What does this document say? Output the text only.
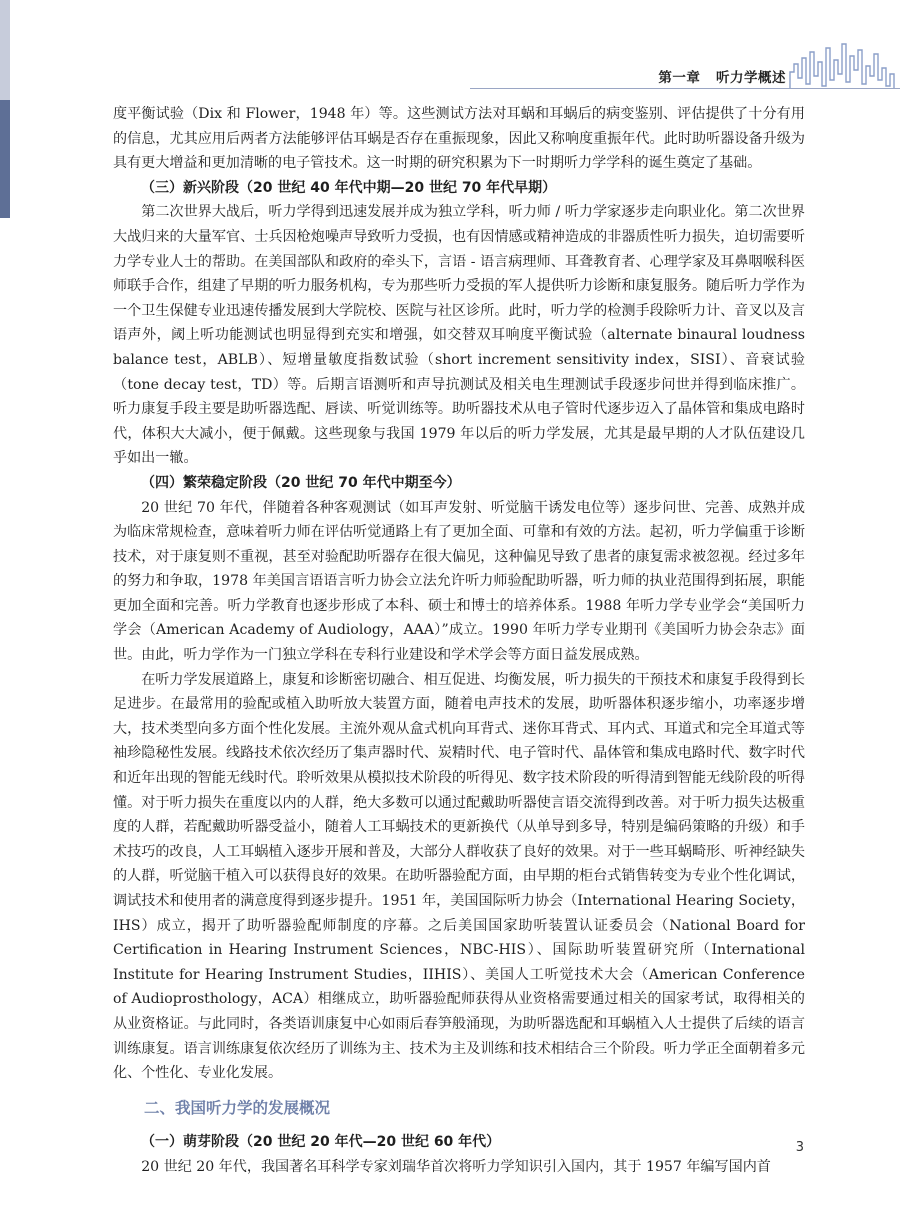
第一章 听力学概述

度平衡试验（Dix 和 Flower，1948 年）等。这些测试方法对耳蜗和耳蜗后的病变鉴别、评估提供了十分有用的信息，尤其应用后两者方法能够评估耳蜗是否存在重振现象，因此又称响度重振年代。此时助听器设备升级为具有更大增益和更加清晰的电子管技术。这一时期的研究积累为下一时期听力学学科的诞生奠定了基础。

（三）新兴阶段（20 世纪 40 年代中期—20 世纪 70 年代早期）

第二次世界大战后，听力学得到迅速发展并成为独立学科，听力师 / 听力学家逐步走向职业化。第二次世界大战归来的大量军官、士兵因枪炮噪声导致听力受损，也有因情感或精神造成的非器质性听力损失，迫切需要听力学专业人士的帮助。在美国部队和政府的牵头下，言语 - 语言病理师、耳聋教育者、心理学家及耳鼻咽喉科医师联手合作，组建了早期的听力服务机构，专为那些听力受损的军人提供听力诊断和康复服务。随后听力学作为一个卫生保健专业迅速传播发展到大学院校、医院与社区诊所。此时，听力学的检测手段除听力计、音叉以及言语声外，阈上听功能测试也明显得到充实和增强，如交替双耳响度平衡试验（alternate binaural loudness balance test，ABLB）、短增量敏度指数试验（short increment sensitivity index，SISI）、音衰试验（tone decay test，TD）等。后期言语测听和声导抗测试及相关电生理测试手段逐步问世并得到临床推广。听力康复手段主要是助听器选配、唇读、听觉训练等。助听器技术从电子管时代逐步迈入了晶体管和集成电路时代，体积大大减小，便于佩戴。这些现象与我国 1979 年以后的听力学发展，尤其是最早期的人才队伍建设几乎如出一辙。

（四）繁荣稳定阶段（20 世纪 70 年代中期至今）

20 世纪 70 年代，伴随着各种客观测试（如耳声发射、听觉脑干诱发电位等）逐步问世、完善、成熟并成为临床常规检查，意味着听力师在评估听觉通路上有了更加全面、可靠和有效的方法。起初，听力学偏重于诊断技术，对于康复则不重视，甚至对验配助听器存在很大偏见，这种偏见导致了患者的康复需求被忽视。经过多年的努力和争取，1978 年美国言语语言听力协会立法允许听力师验配助听器，听力师的执业范围得到拓展，职能更加全面和完善。听力学教育也逐步形成了本科、硕士和博士的培养体系。1988 年听力学专业学会“美国听力学会（American Academy of Audiology，AAA）”成立。1990 年听力学专业期刊《美国听力协会杂志》面世。由此，听力学作为一门独立学科在专科行业建设和学术学会等方面日益发展成熟。

在听力学发展道路上，康复和诊断密切融合、相互促进、均衡发展，听力损失的干预技术和康复手段得到长足进步。在最常用的验配或植入助听放大装置方面，随着电声技术的发展，助听器体积逐步缩小，功率逐步增大，技术类型向多方面个性化发展。主流外观从盒式机向耳背式、迷你耳背式、耳内式、耳道式和完全耳道式等袖珍隐秘性发展。线路技术依次经历了集声器时代、炭精时代、电子管时代、晶体管和集成电路时代、数字时代和近年出现的智能无线时代。聆听效果从模拟技术阶段的听得见、数字技术阶段的听得清到智能无线阶段的听得懂。对于听力损失在重度以内的人群，绝大多数可以通过配戴助听器使言语交流得到改善。对于听力损失达极重度的人群，若配戴助听器受益小，随着人工耳蜗技术的更新换代（从单导到多导，特别是编码策略的升级）和手术技巧的改良，人工耳蜗植入逐步开展和普及，大部分人群收获了良好的效果。对于一些耳蜗畸形、听神经缺失的人群，听觉脑干植入可以获得良好的效果。在助听器验配方面，由早期的柜台式销售转变为专业个性化调试，调试技术和使用者的满意度得到逐步提升。1951 年，美国国际听力协会（International Hearing Society，IHS）成立，揭开了助听器验配师制度的序幕。之后美国国家助听装置认证委员会（National Board for Certification in Hearing Instrument Sciences，NBC-HIS）、国际助听装置研究所（International Institute for Hearing Instrument Studies，IIHIS）、美国人工听觉技术大会（American Conference of Audioprosthology，ACA）相继成立，助听器验配师获得从业资格需要通过相关的国家考试，取得相关的从业资格证。与此同时，各类语训康复中心如雨后春笋般涌现，为助听器选配和耳蜗植入人士提供了后续的语言训练康复。语言训练康复依次经历了训练为主、技术为主及训练和技术相结合三个阶段。听力学正全面朝着多元化、个性化、专业化发展。

二、我国听力学的发展概况
（一）萌芽阶段（20 世纪 20 年代—20 世纪 60 年代）

20 世纪 20 年代，我国著名耳科学专家刘瑞华首次将听力学知识引入国内，其于 1957 年编写国内首

3
